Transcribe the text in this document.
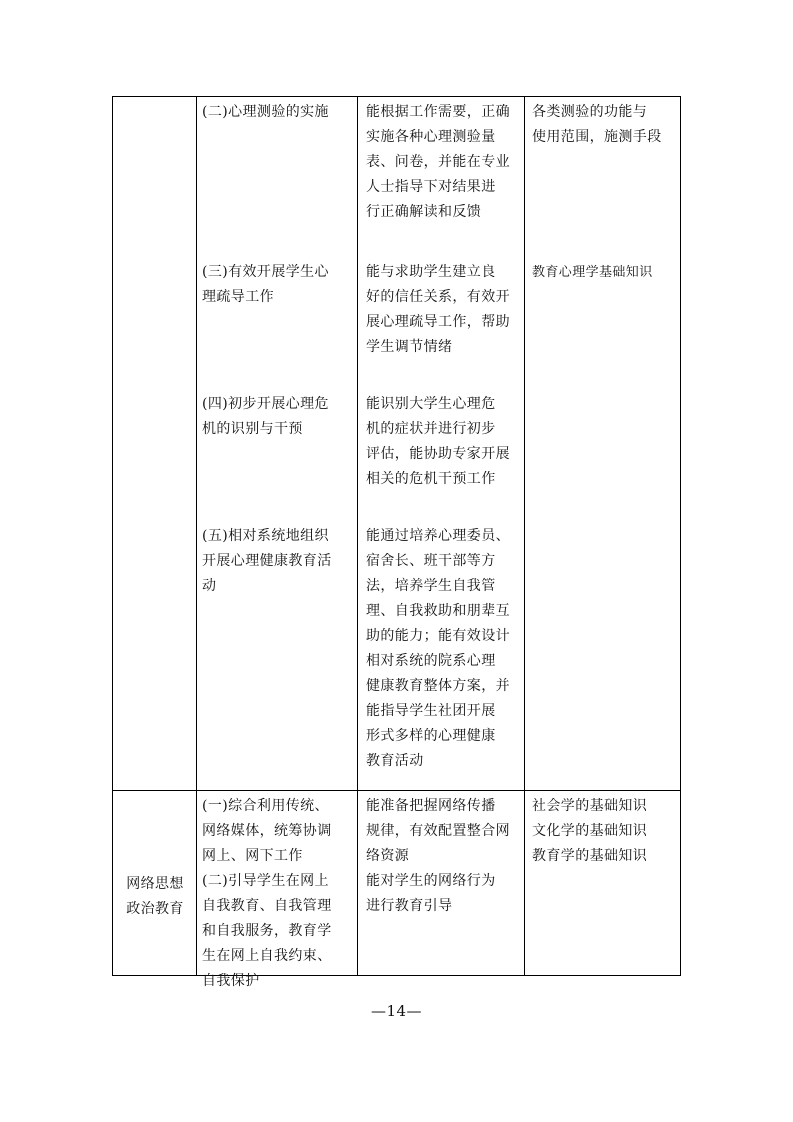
(二)心理测验的实施	能根据工作需要，正确
实施各种心理测验量
表、问卷，并能在专业
人士指导下对结果进
行正确解读和反馈

各类测验的功能与
使用范围，施测手段

(三)有效开展学生心
理疏导工作

能与求助学生建立良
好的信任关系，有效开
展心理疏导工作，帮助
学生调节情绪

教育心理学基础知识

(四)初步开展心理危
机的识别与干预

能识别大学生心理危
机的症状并进行初步
评估，能协助专家开展
相关的危机干预工作

(五)相对系统地组织
开展心理健康教育活
动

能通过培养心理委员、
宿舍长、班干部等方
法，培养学生自我管
理、自我救助和朋辈互
助的能力；能有效设计
相对系统的院系心理
健康教育整体方案，并
能指导学生社团开展
形式多样的心理健康
教育活动

网络思想
政治教育

(一)综合利用传统、
网络媒体，统筹协调
网上、网下工作
(二)引导学生在网上
自我教育、自我管理
和自我服务，教育学
生在网上自我约束、
自我保护

能准备把握网络传播
规律，有效配置整合网
络资源
能对学生的网络行为
进行教育引导

社会学的基础知识
文化学的基础知识
教育学的基础知识

—14—
